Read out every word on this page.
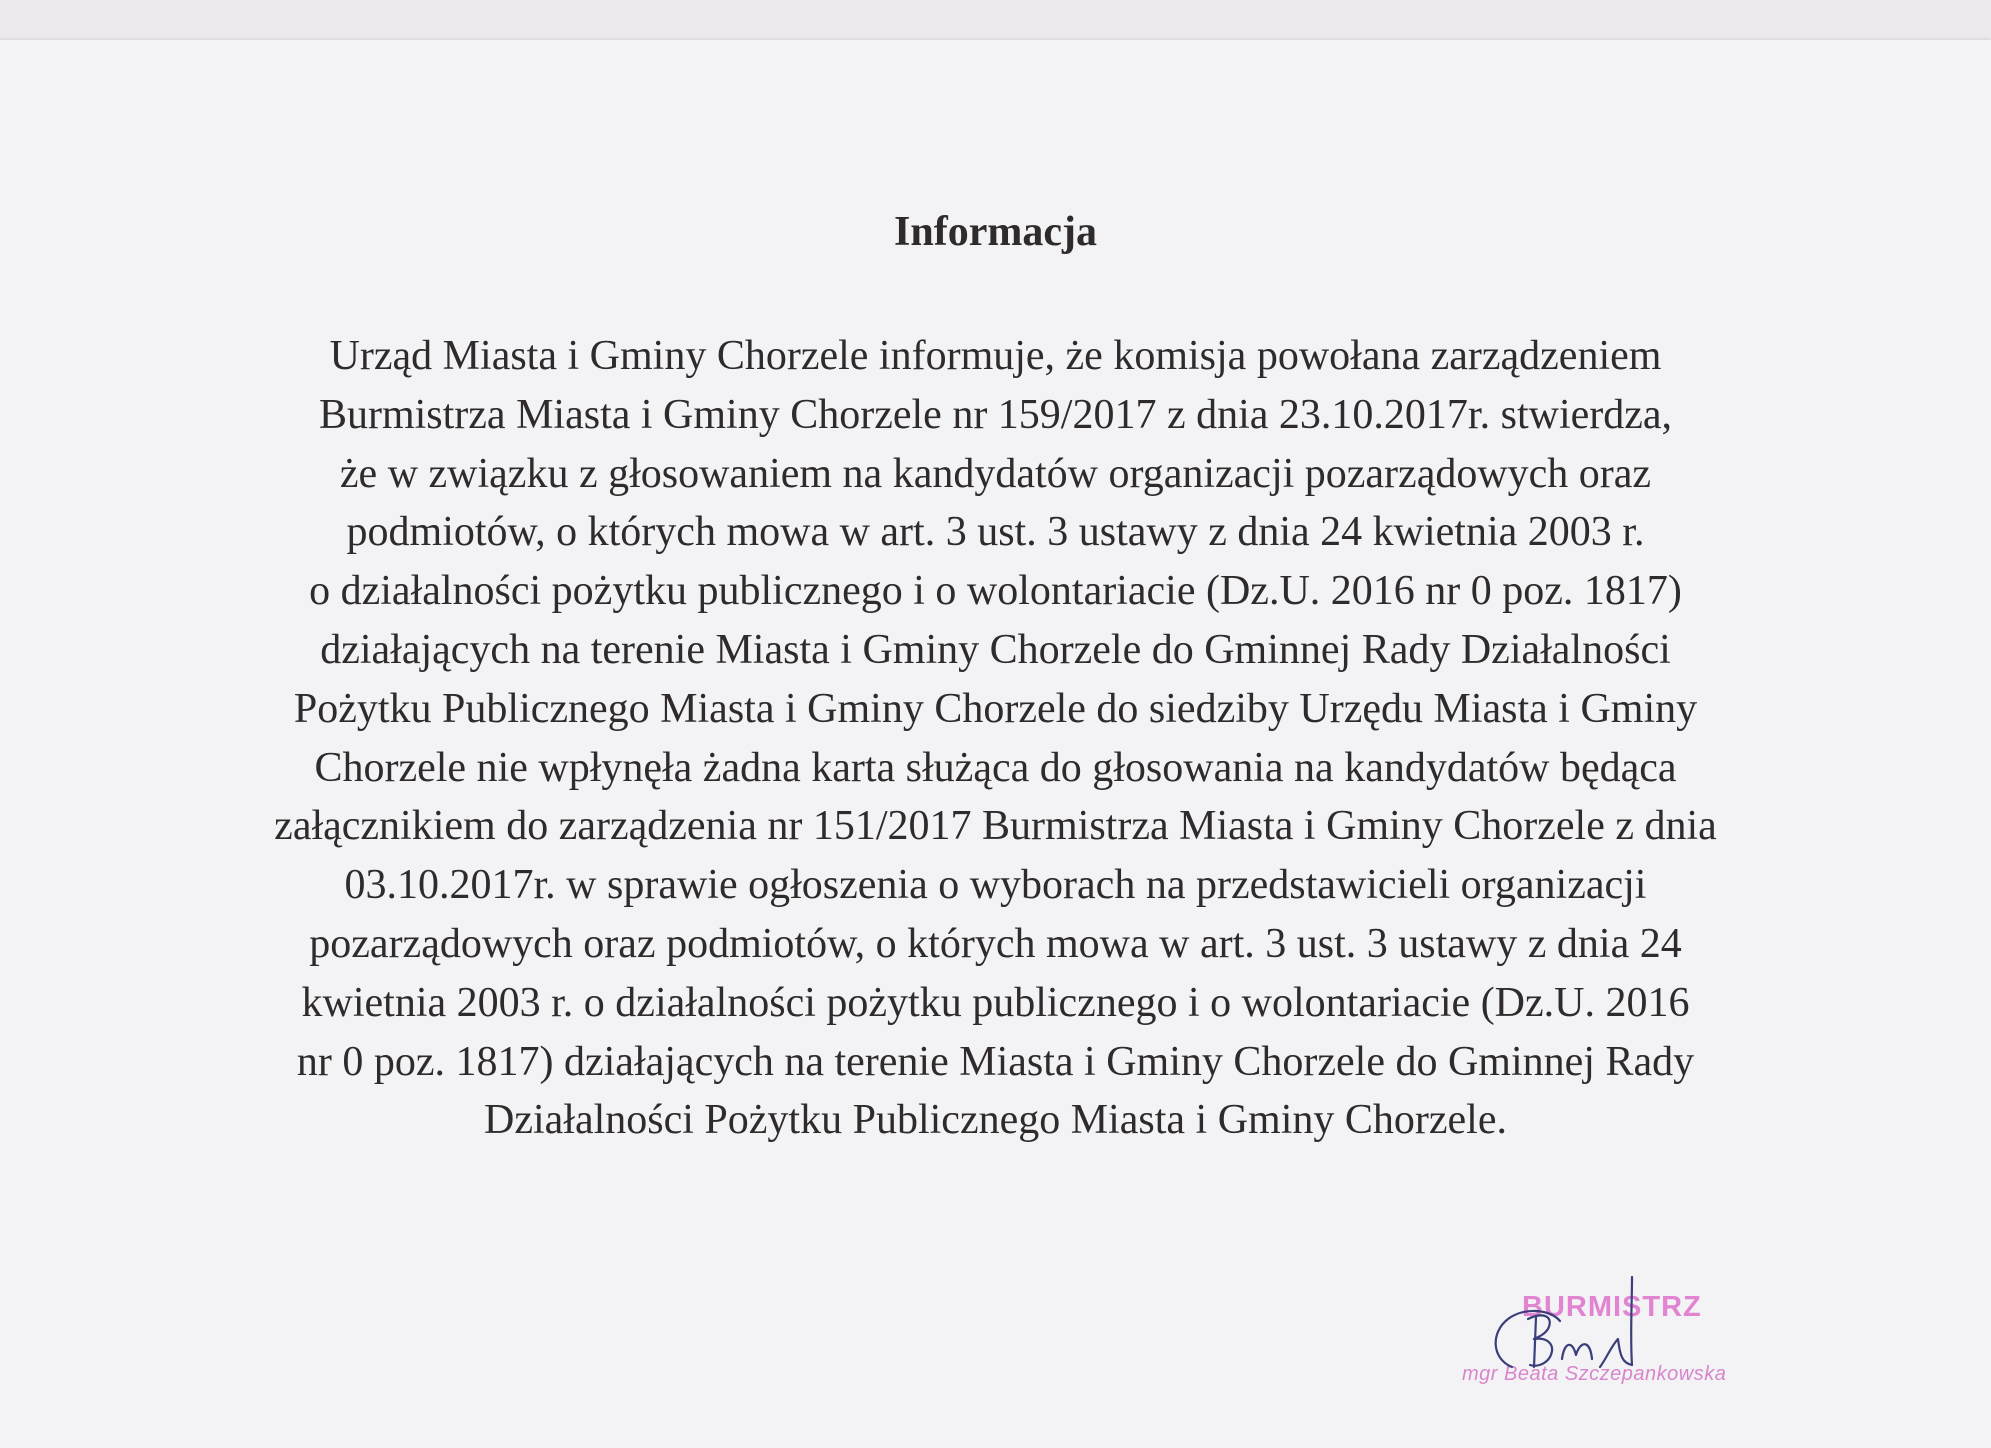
Informacja
Urząd Miasta i Gminy Chorzele informuje, że komisja powołana zarządzeniem
Burmistrza Miasta i Gminy Chorzele nr 159/2017 z dnia 23.10.2017r. stwierdza,
że w związku z głosowaniem na kandydatów organizacji pozarządowych oraz
podmiotów, o których mowa w art. 3 ust. 3 ustawy z dnia 24 kwietnia 2003 r.
o działalności pożytku publicznego i o wolontariacie (Dz.U. 2016 nr 0 poz. 1817)
działających na terenie Miasta i Gminy Chorzele do Gminnej Rady Działalności
Pożytku Publicznego Miasta i Gminy Chorzele do siedziby Urzędu Miasta i Gminy
Chorzele nie wpłynęła żadna karta służąca do głosowania na kandydatów będąca
załącznikiem do zarządzenia nr 151/2017 Burmistrza Miasta i Gminy Chorzele z dnia
03.10.2017r. w sprawie ogłoszenia o wyborach na przedstawicieli organizacji
pozarządowych oraz podmiotów, o których mowa w art. 3 ust. 3 ustawy z dnia 24
kwietnia 2003 r. o działalności pożytku publicznego i o wolontariacie (Dz.U. 2016
nr 0 poz. 1817) działających na terenie Miasta i Gminy Chorzele do Gminnej Rady
Działalności Pożytku Publicznego Miasta i Gminy Chorzele.
BURMISTRZ
mgr Beata Szczepankowska
